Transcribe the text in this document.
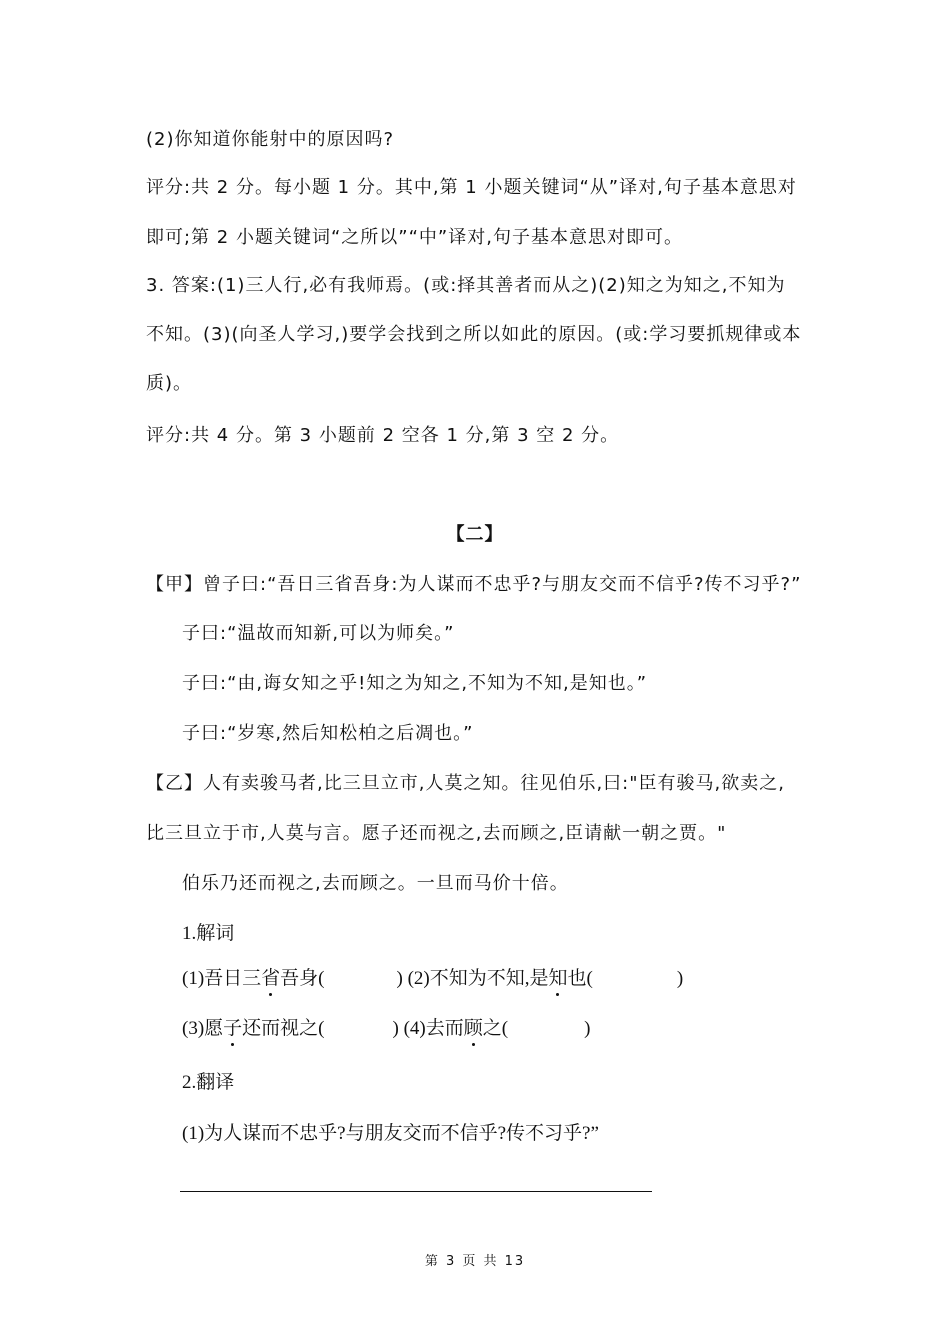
(2)你知道你能射中的原因吗?
评分:共 2 分。每小题 1 分。其中,第 1 小题关键词“从”译对,句子基本意思对
即可;第 2 小题关键词“之所以”“中”译对,句子基本意思对即可。
3. 答案:(1)三人行,必有我师焉。(或:择其善者而从之)(2)知之为知之,不知为
不知。(3)(向圣人学习,)要学会找到之所以如此的原因。(或:学习要抓规律或本
质)。
评分:共 4 分。第 3 小题前 2 空各 1 分,第 3 空 2 分。
【二】
【甲】曾子曰:“吾日三省吾身:为人谋而不忠乎?与朋友交而不信乎?传不习乎?”
子曰:“温故而知新,可以为师矣。”
子曰:“由,诲女知之乎!知之为知之,不知为不知,是知也。”
子曰:“岁寒,然后知松柏之后凋也。”
【乙】人有卖骏马者,比三旦立市,人莫之知。往见伯乐,曰:"臣有骏马,欲卖之,
比三旦立于市,人莫与言。愿子还而视之,去而顾之,臣请献一朝之贾。"
伯乐乃还而视之,去而顾之。一旦而马价十倍。
1.解词
(1)吾日三省吾身(	) (2)不知为不知,是知也(	)
(3)愿子还而视之(	) (4)去而顾之(	)
2.翻译
(1)为人谋而不忠乎?与朋友交而不信乎?传不习乎?”
第 3 页 共 13
